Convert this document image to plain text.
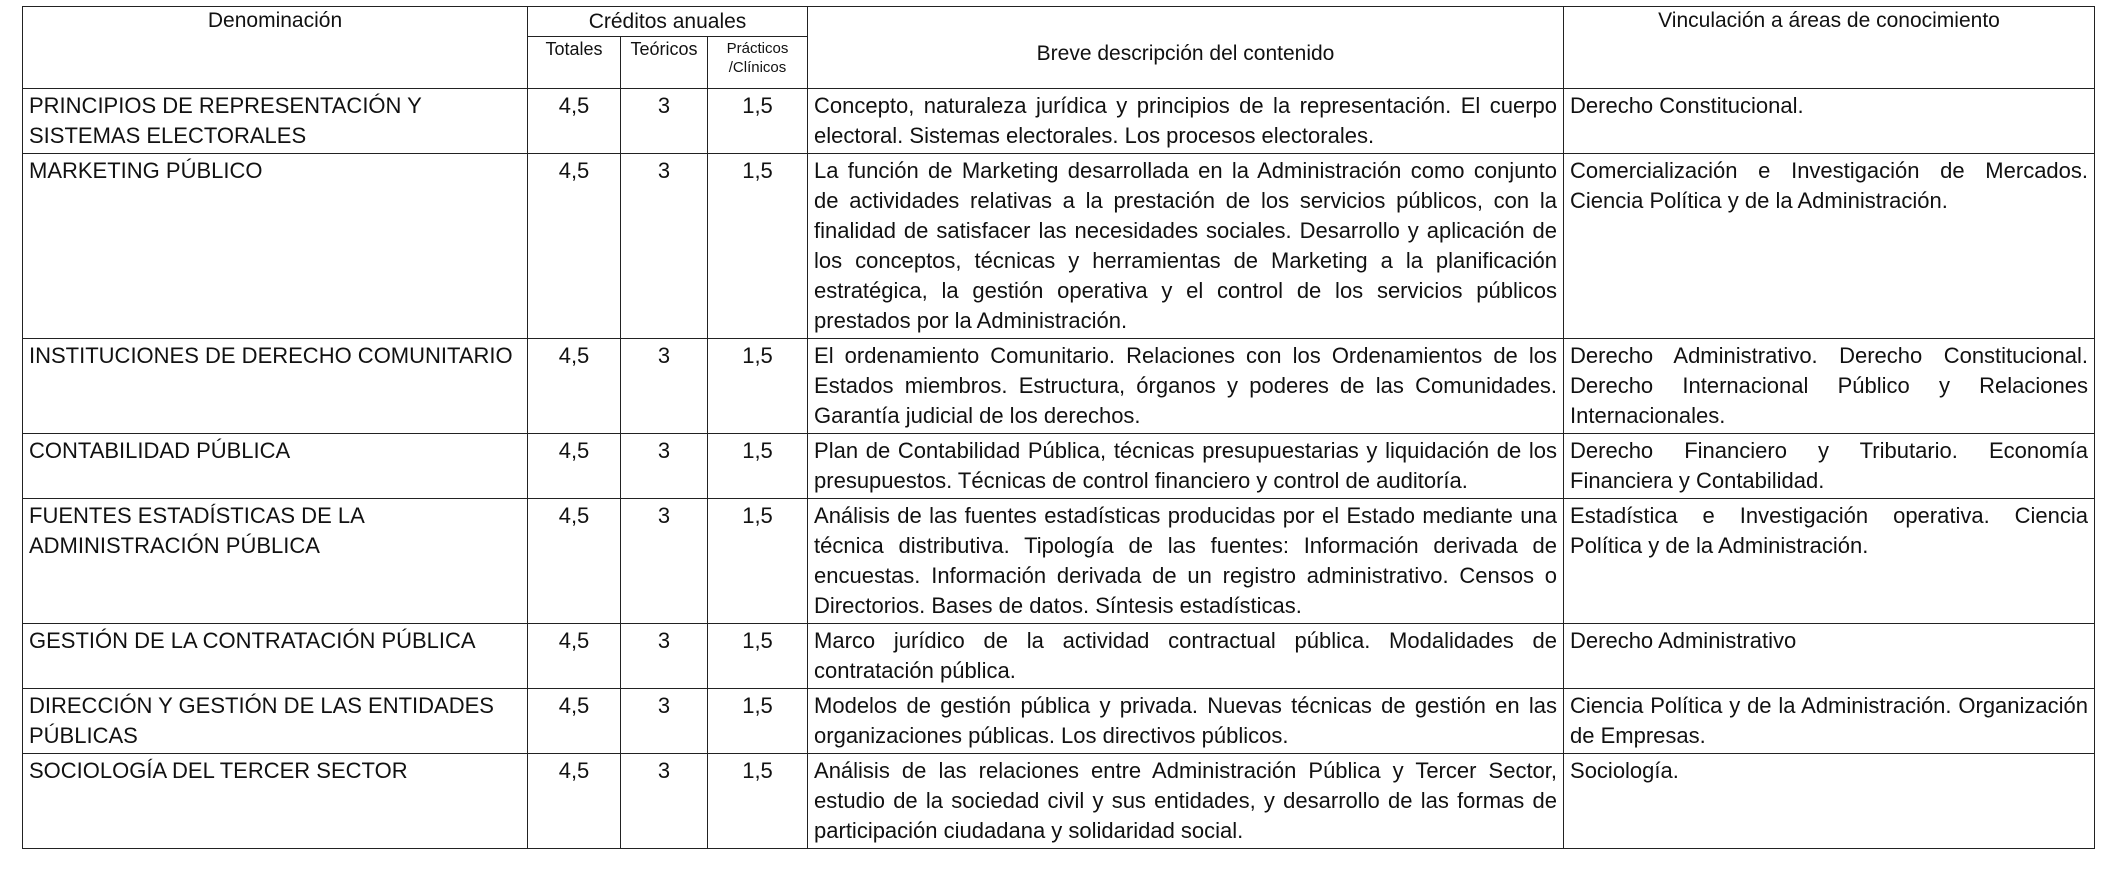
Denominación	Créditos anuales			Breve descripción del contenido	Vinculación a áreas de conocimiento
	Totales	Teóricos	Prácticos /Clínicos		
PRINCIPIOS DE REPRESENTACIÓN Y SISTEMAS ELECTORALES	4,5	3	1,5	Concepto, naturaleza jurídica y principios de la representación. El cuerpo electoral. Sistemas electorales. Los procesos electorales.	Derecho Constitucional.
MARKETING PÚBLICO	4,5	3	1,5	La función de Marketing desarrollada en la Administración como conjunto de actividades relativas a la prestación de los servicios públicos, con la finalidad de satisfacer las necesidades sociales. Desarrollo y aplicación de los conceptos, técnicas y herramientas de Marketing a la planificación estratégica, la gestión operativa y el control de los servicios públicos prestados por la Administración.	Comercialización e Investigación de Mercados. Ciencia Política y de la Administración.
INSTITUCIONES DE DERECHO COMUNITARIO	4,5	3	1,5	El ordenamiento Comunitario. Relaciones con los Ordenamientos de los Estados miembros. Estructura, órganos y poderes de las Comunidades. Garantía judicial de los derechos.	Derecho Administrativo. Derecho Constitucional. Derecho Internacional Público y Relaciones Internacionales.
CONTABILIDAD PÚBLICA	4,5	3	1,5	Plan de Contabilidad Pública, técnicas presupuestarias y liquidación de los presupuestos. Técnicas de control financiero y control de auditoría.	Derecho Financiero y Tributario. Economía Financiera y Contabilidad.
FUENTES ESTADÍSTICAS DE LA ADMINISTRACIÓN PÚBLICA	4,5	3	1,5	Análisis de las fuentes estadísticas producidas por el Estado mediante una técnica distributiva. Tipología de las fuentes: Información derivada de encuestas. Información derivada de un registro administrativo. Censos o Directorios. Bases de datos. Síntesis estadísticas.	Estadística e Investigación operativa. Ciencia Política y de la Administración.
GESTIÓN DE LA CONTRATACIÓN PÚBLICA	4,5	3	1,5	Marco jurídico de la actividad contractual pública. Modalidades de contratación pública.	Derecho Administrativo
DIRECCIÓN Y GESTIÓN DE LAS ENTIDADES PÚBLICAS	4,5	3	1,5	Modelos de gestión pública y privada. Nuevas técnicas de gestión en las organizaciones públicas. Los directivos públicos.	Ciencia Política y de la Administración. Organización de Empresas.
SOCIOLOGÍA DEL TERCER SECTOR	4,5	3	1,5	Análisis de las relaciones entre Administración Pública y Tercer Sector, estudio de la sociedad civil y sus entidades, y desarrollo de las formas de participación ciudadana y solidaridad social.	Sociología.
